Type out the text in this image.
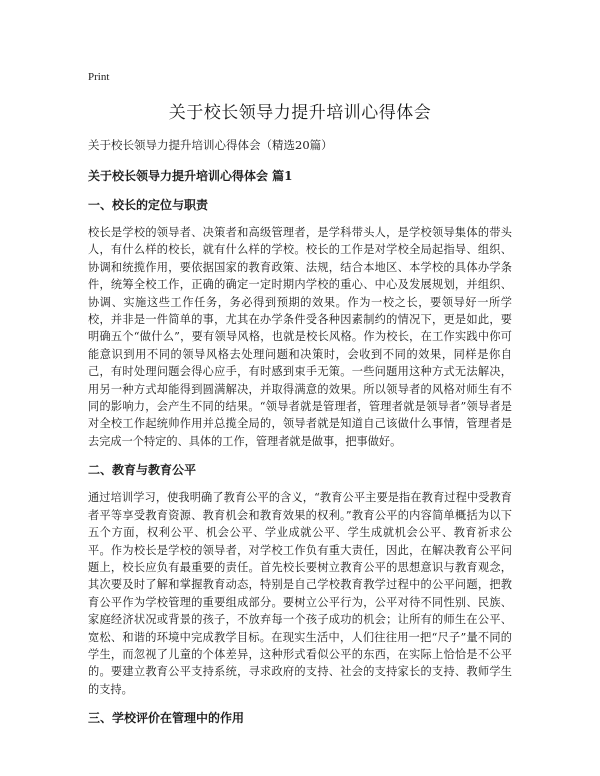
Print
关于校长领导力提升培训心得体会
关于校长领导力提升培训心得体会（精选20篇）
关于校长领导力提升培训心得体会 篇1
一、校长的定位与职责

校长是学校的领导者、决策者和高级管理者，是学科带头人，是学校领导集体的带头人，有什么样的校长，就有什么样的学校。校长的工作是对学校全局起指导、组织、协调和统揽作用，要依据国家的教育政策、法规，结合本地区、本学校的具体办学条件，统筹全校工作，正确的确定一定时期内学校的重心、中心及发展规划，并组织、协调、实施这些工作任务，务必得到预期的效果。作为一校之长，要领导好一所学校，并非是一件简单的事，尤其在办学条件受各种因素制约的情况下，更是如此，要明确五个“做什么”，要有领导风格，也就是校长风格。作为校长，在工作实践中你可能意识到用不同的领导风格去处理问题和决策时，会收到不同的效果，同样是你自己，有时处理问题会得心应手，有时感到束手无策。一些问题用这种方式无法解决，用另一种方式却能得到圆满解决，并取得满意的效果。所以领导者的风格对师生有不同的影响力，会产生不同的结果。“领导者就是管理者，管理者就是领导者”领导者是对全校工作起统帅作用并总揽全局的，领导者就是知道自己该做什么事情，管理者是去完成一个特定的、具体的工作，管理者就是做事，把事做好。

二、教育与教育公平

通过培训学习，使我明确了教育公平的含义，“教育公平主要是指在教育过程中受教育者平等享受教育资源、教育机会和教育效果的权利。”教育公平的内容简单概括为以下五个方面，权利公平、机会公平、学业成就公平、学生成就机会公平、教育祈求公平。作为校长是学校的领导者，对学校工作负有重大责任，因此，在解决教育公平问题上，校长应负有最重要的责任。首先校长要树立教育公平的思想意识与教育观念，其次要及时了解和掌握教育动态，特别是自己学校教育教学过程中的公平问题，把教育公平作为学校管理的重要组成部分。要树立公平行为，公平对待不同性别、民族、家庭经济状况或背景的孩子，不放弃每一个孩子成功的机会；让所有的师生在公平、宽松、和谐的环境中完成教学目标。在现实生活中，人们往往用一把“尺子”量不同的学生，而忽视了儿童的个体差异，这种形式看似公平的东西，在实际上恰恰是不公平的。要建立教育公平支持系统，寻求政府的支持、社会的支持家长的支持、教师学生的支持。

三、学校评价在管理中的作用
